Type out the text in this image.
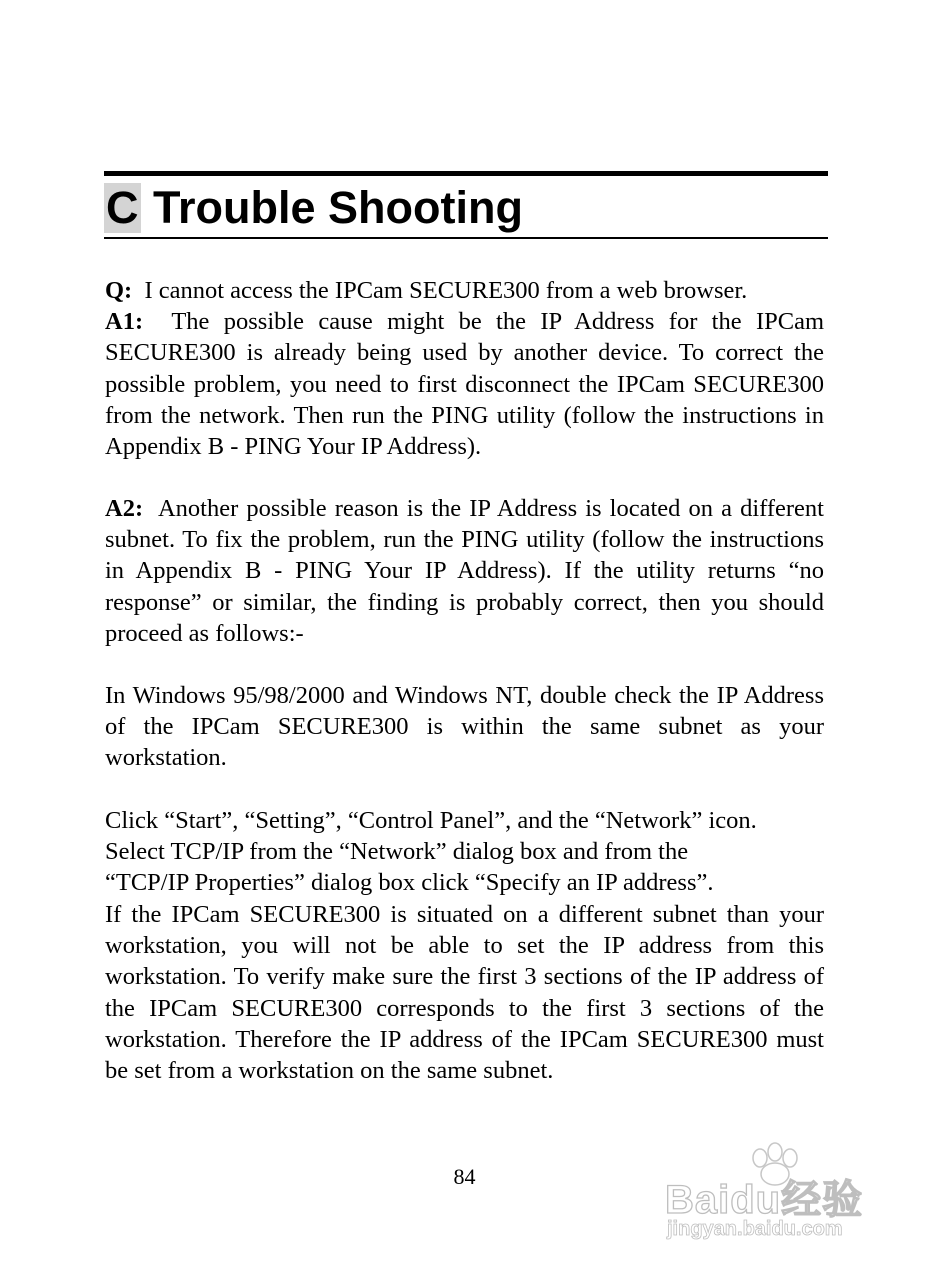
C Trouble Shooting
Q: I cannot access the IPCam SECURE300 from a web browser.
A1: The possible cause might be the IP Address for the IPCam SECURE300 is already being used by another device. To correct the possible problem, you need to first disconnect the IPCam SECURE300 from the network. Then run the PING utility (follow the instructions in Appendix B - PING Your IP Address).
A2: Another possible reason is the IP Address is located on a different subnet. To fix the problem, run the PING utility (follow the instructions in Appendix B - PING Your IP Address). If the utility returns “no response” or similar, the finding is probably correct, then you should proceed as follows:-
In Windows 95/98/2000 and Windows NT, double check the IP Address of the IPCam SECURE300 is within the same subnet as your workstation.
Click “Start”, “Setting”, “Control Panel”, and the “Network” icon.
Select TCP/IP from the “Network” dialog box and from the
“TCP/IP Properties” dialog box click “Specify an IP address”.
If the IPCam SECURE300 is situated on a different subnet than your workstation, you will not be able to set the IP address from this workstation. To verify make sure the first 3 sections of the IP address of the IPCam SECURE300 corresponds to the first 3 sections of the workstation. Therefore the IP address of the IPCam SECURE300 must be set from a workstation on the same subnet.
84
Baidu经验
jingyan.baidu.com
